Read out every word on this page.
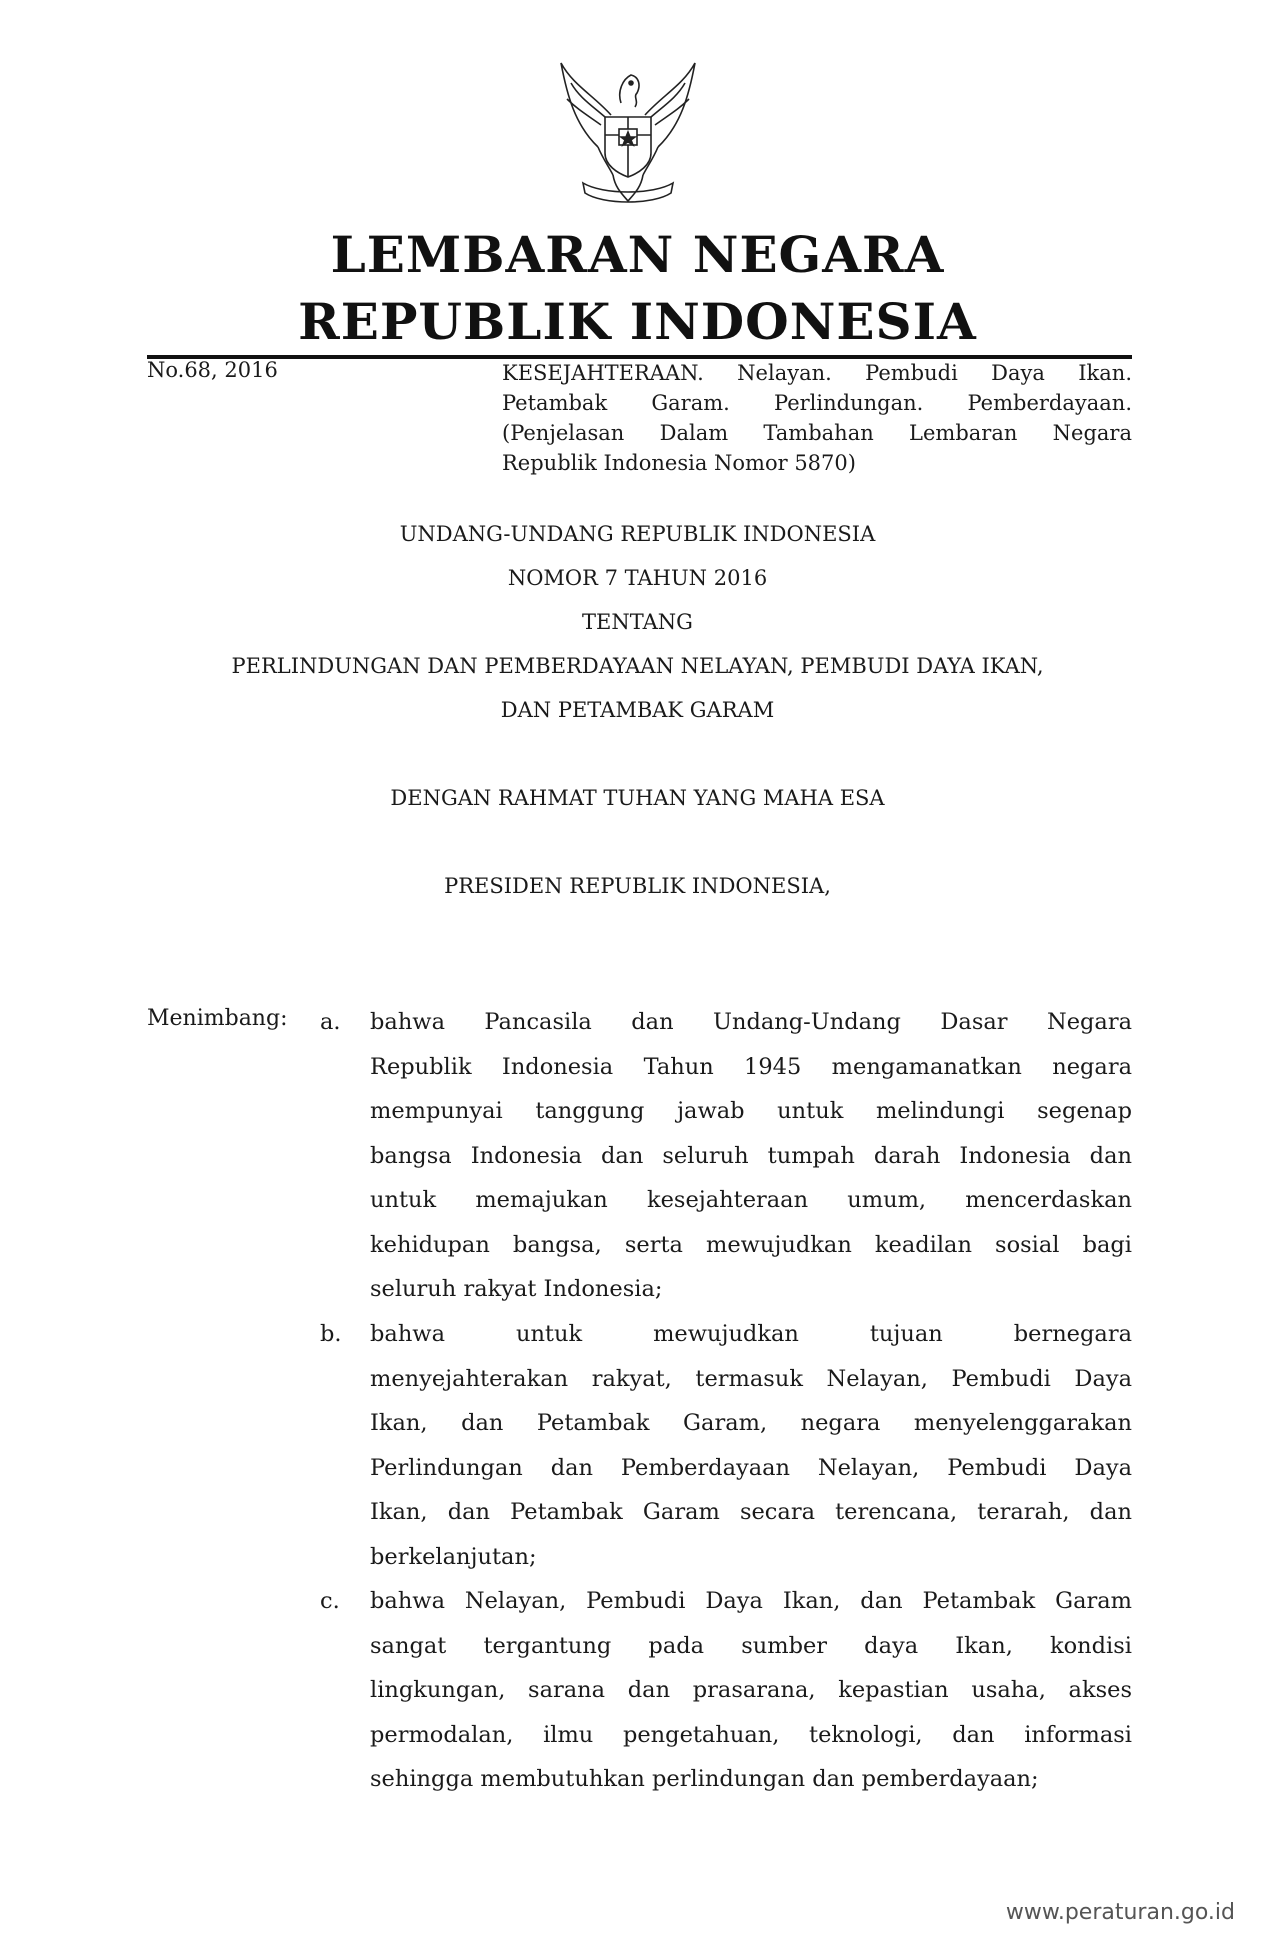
LEMBARAN NEGARA
REPUBLIK INDONESIA
No.68, 2016	KESEJAHTERAAN. Nelayan. Pembudi Daya Ikan.
Petambak Garam. Perlindungan. Pemberdayaan.
(Penjelasan Dalam Tambahan Lembaran Negara
Republik Indonesia Nomor 5870)
UNDANG-UNDANG REPUBLIK INDONESIA
NOMOR 7 TAHUN 2016
TENTANG
PERLINDUNGAN DAN PEMBERDAYAAN NELAYAN, PEMBUDI DAYA IKAN,
DAN PETAMBAK GARAM
DENGAN RAHMAT TUHAN YANG MAHA ESA
PRESIDEN REPUBLIK INDONESIA,
Menimbang: a. bahwa Pancasila dan Undang-Undang Dasar Negara
Republik Indonesia Tahun 1945 mengamanatkan negara
mempunyai tanggung jawab untuk melindungi segenap
bangsa Indonesia dan seluruh tumpah darah Indonesia dan
untuk memajukan kesejahteraan umum, mencerdaskan
kehidupan bangsa, serta mewujudkan keadilan sosial bagi
seluruh rakyat Indonesia;
b. bahwa untuk mewujudkan tujuan bernegara
menyejahterakan rakyat, termasuk Nelayan, Pembudi Daya
Ikan, dan Petambak Garam, negara menyelenggarakan
Perlindungan dan Pemberdayaan Nelayan, Pembudi Daya
Ikan, dan Petambak Garam secara terencana, terarah, dan
berkelanjutan;
c. bahwa Nelayan, Pembudi Daya Ikan, dan Petambak Garam
sangat tergantung pada sumber daya Ikan, kondisi
lingkungan, sarana dan prasarana, kepastian usaha, akses
permodalan, ilmu pengetahuan, teknologi, dan informasi
sehingga membutuhkan perlindungan dan pemberdayaan;
www.peraturan.go.id
